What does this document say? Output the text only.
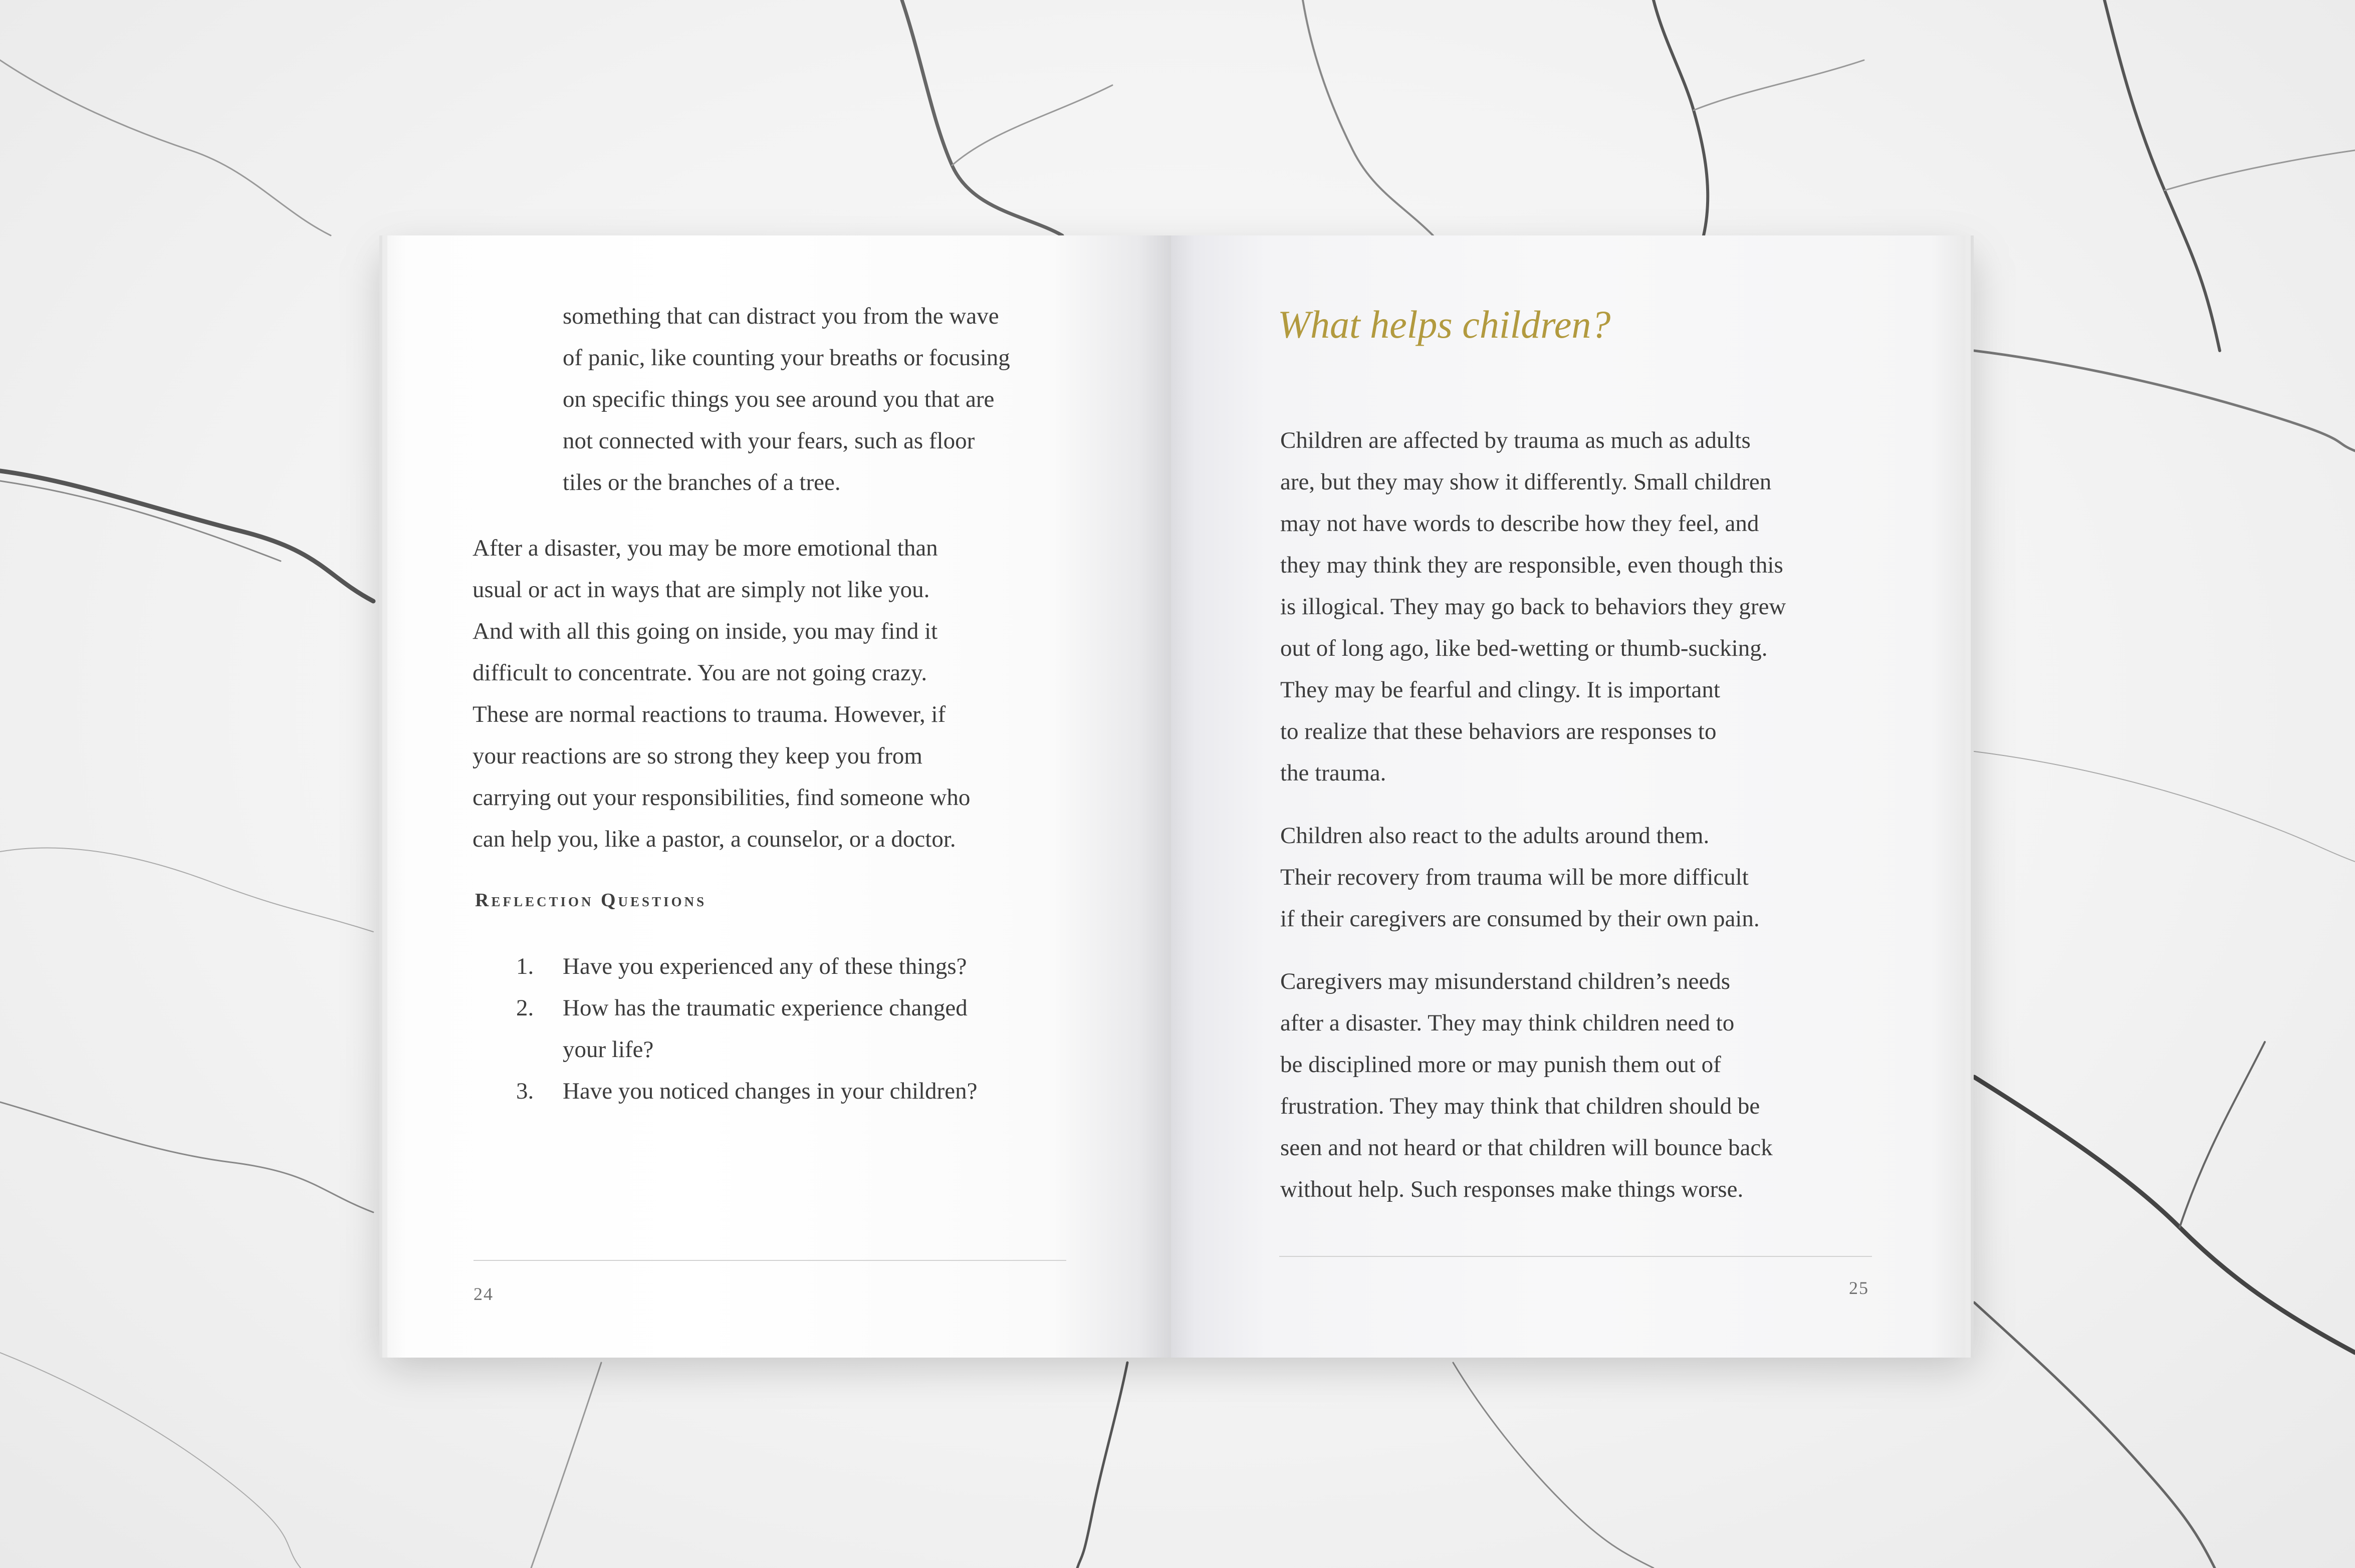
something that can distract you from the wave

of panic, like counting your breaths or focusing

on specific things you see around you that are

not connected with your fears, such as floor

tiles or the branches of a tree.

After a disaster, you may be more emotional than

usual or act in ways that are simply not like you.

And with all this going on inside, you may find it

difficult to concentrate. You are not going crazy.

These are normal reactions to trauma. However, if

your reactions are so strong they keep you from

carrying out your responsibilities, find someone who

can help you, like a pastor, a counselor, or a doctor.

Reflection Questions
1.	Have you experienced any of these things?

2.	How has the traumatic experience changed

your life?

3.	Have you noticed changes in your children?

24
What helps children?

Children are affected by trauma as much as adults

are, but they may show it differently. Small children

may not have words to describe how they feel, and

they may think they are responsible, even though this

is illogical. They may go back to behaviors they grew

out of long ago, like bed-wetting or thumb-sucking.

They may be fearful and clingy. It is important

to realize that these behaviors are responses to

the trauma.

Children also react to the adults around them.

Their recovery from trauma will be more difficult

if their caregivers are consumed by their own pain.

Caregivers may misunderstand children’s needs

after a disaster. They may think children need to

be disciplined more or may punish them out of

frustration. They may think that children should be

seen and not heard or that children will bounce back

without help. Such responses make things worse.

25
